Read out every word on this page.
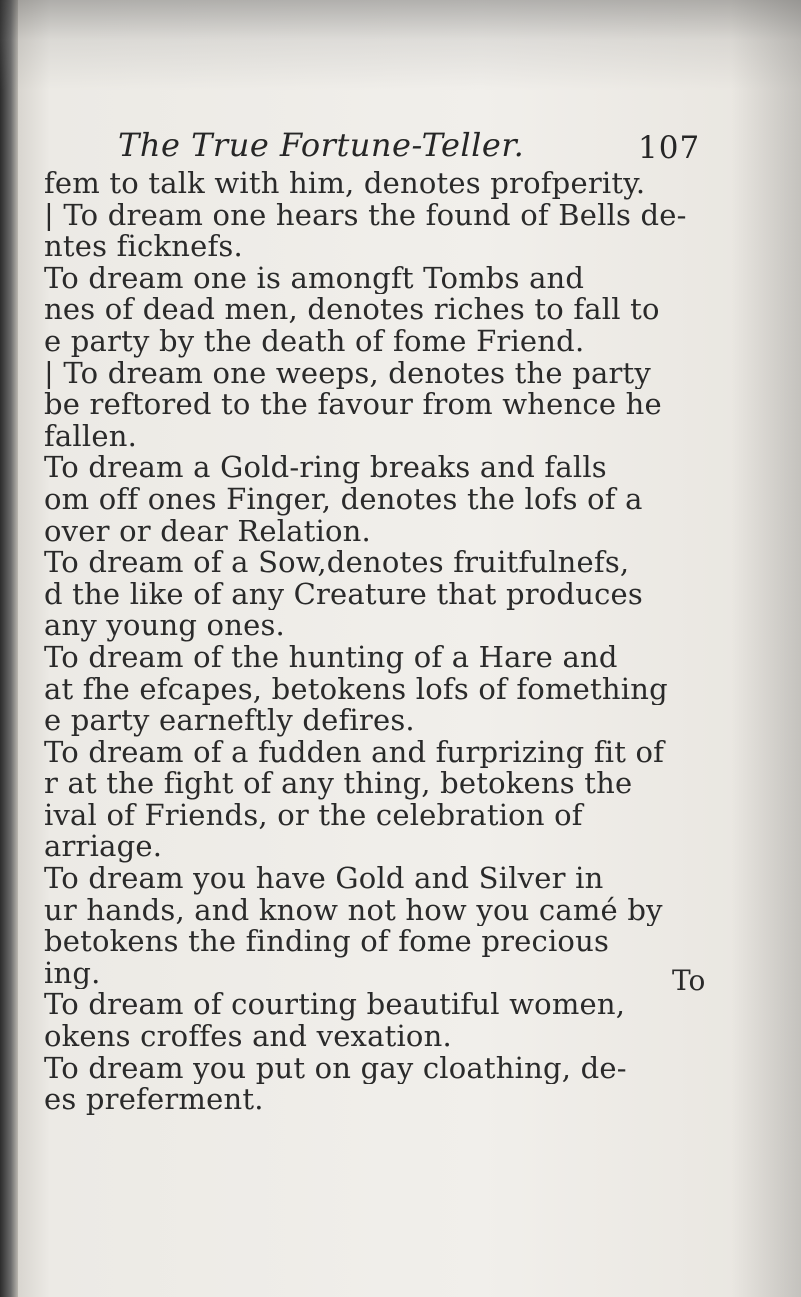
The True Fortune-Teller.	107
fem to talk with him, denotes profperity.
| To dream one hears the found of Bells de-
ntes ficknefs.
To dream one is amongft Tombs and
nes of dead men, denotes riches to fall to
e party by the death of fome Friend.
| To dream one weeps, denotes the party
be reftored to the favour from whence he
fallen.
To dream a Gold-ring breaks and falls
om off ones Finger, denotes the lofs of a
over or dear Relation.
To dream of a Sow,denotes fruitfulnefs,
d the like of any Creature that produces
any young ones.
To dream of the hunting of a Hare and
at fhe efcapes, betokens lofs of fomething
e party earneftly defires.
To dream of a fudden and furprizing fit of
r at the fight of any thing, betokens the
ival of Friends, or the celebration of
arriage.
To dream you have Gold and Silver in
ur hands, and know not how you camé by
betokens the finding of fome precious
ing.
To dream of courting beautiful women,
okens croffes and vexation.
To dream you put on gay cloathing, de-
es preferment.
To
